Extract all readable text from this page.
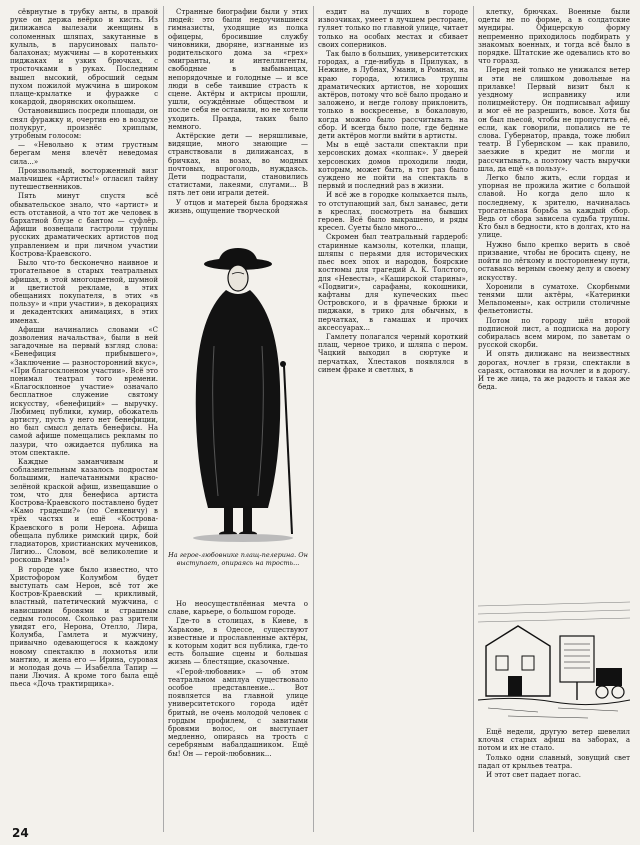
сёврнутые в трубку анты, в правой руке он держа веёрко и кисть. Из дилижанса вылезали женщины в соломенных шляпах, закутанные в кулыль, в парусиновых пальто-балахонах; мужчины — в коротеньких пиджаках и узких брючках, с тросточками в руках. Последним вышел высокий, обросший седым пухом пожилой мужчина в широком плаще-крылатке и фуражке с кокардой, дворянских околышем.

Остановившись посреди площади, он снял фуражку и, очертив ею в воздухе полукруг, произнёс хриплым, утробным голосом:

— «Невольно к этим грустным берегам меня влечёт неведомая сила...»

Произвольный, восторженный визг мальчишек «Артисты!» огласил тайну путешественников.

Пять минут спустя всё обывательское знало, что «артист» и есть отставной, а что тот же человек в бархатной блузе с бантом — суфлёр. Афиши возвещали гастроли труппы русских драматических артистов под управлением и при личном участии Кострова-Краевского.

Было что-то бесконечно наивное и трогательное в старых театральных афишах, в этой многоцветной, шумной и цветистой рекламе, в этих обещаниях покупателя, в этих «в пользу» и «при участии», в декорациях и декадентских анимациях, в этих именах.

Афиши начинались словами «С дозволения начальства», были в ней загадочные на первый взгляд слова: «Бенефиция прибывшего», «Заключение — разносторонний вкус», «При благосклонном участии». Всё это понимал театрал того времени. «Благосклонное участие» означало бесплатное служение святому искусству, «бенефиций» — выручку. Любимец публики, кумир, обожатель артисту, пусть у него нет бенефиции, но был смысл делать бенефисы. На самой афише помещались рекламы по лазури, что ожидается публика на этом спектакле.

Каждые заманчивым и соблазнительным казалось подростам большими, напечатанными красно-зелёной краской афиш, извещавшие о том, что для бенефиса артиста Кострова-Краевского поставлено будет «Камо грядеши?» (по Сенкевичу) в трёх частях и ещё «Кострова-Краевского в роли Нерона. Афиша обещала публике римский цирк, бой гладиаторов, христианских мучеников, Лигию... Словом, всё великолепие и роскошь Рима!»

В городе уже было известно, что Христофором Колумбом будет выступать сам Нерон, всё тот же Костров-Краевский — крикливый, властный, патетический мужчина, с нависшими бровями и страшным седым голосом. Сколько раз зрители увидят его, Нерона, Отелло, Лира, Колумба, Гамлета и мужчину, привычно одевающегося к каждому новому спектаклю в лохмотья или мантию, и жена его — Ирина, суровая и молодая дочь — Изабелла Тапир — пани Лючия. А кроме того была ещё пьеса «Дочь трактирщика».

Странные биографии были у этих людей: это были недоучившиеся гимназисты, уходящие из полка офицеры, бросившие службу чиновники, дворяне, изгнанные из родительского дома за «грех» эмигранты, и интеллигенты, свободные в выбыванцах, непорядочные и голодные — и все люди в себе таившие страсть к сцене. Актёры и актрисы прошли, ушли, осуждённые обществом и после себя не оставили, но не хотели уходить. Правда, таких было немного.

Актёрские дети — неряшливые, видящие, много знающие — странствовали в дилижансах, в бричках, на возах, во модных почтовых, впроголодь, нуждаясь. Дети подрастали, становились статистами, лакеями, слугами... В пять лет они играли детей.

У отцов и матерей была бродяжья жизнь, ощущение творческой

На герое-любовнике плащ-пелерина. Он выступает, опираясь на трость...

Но неосуществлённая мечта о славе, карьере, о большом городе.

Где-то в столицах, в Киеве, в Харькове, в Одессе, существуют известные и прославленные актёры, к которым ходит вся публика, где-то есть большие сцены и большая жизнь — блестящие, сказочные.

«Герой-любовник» — об этом театральном амплуа существовало особое представление... Вот появляется на главной улице университетского города идёт бритый, не очень молодой человек с гордым профилем, с завитыми бровями волос, он выступает медленно, опираясь на трость с серебряным набалдашником. Ещё бы! Он — герой-любовник...

ездит на лучших в городе извозчиках, умеет в лучшем ресторане, гуляет только по главной улице, читает только на особых местах и сбивает своих соперников.

Так было в больших, университетских городах, а где-нибудь в Прилуках, в Нежине, в Лубнах, Умани, в Ромнах, на краю города, ютились труппы драматических артистов, не хороших актёров, потому что всё было продано и заложено, и негде голову приклонить, только в воскресенье, в бокаловую, когда можно было рассчитывать на сбор. И всегда было поле, где бедные дети актёров могли выйти в артисты.

Мы в ещё застали спектакли при херсонских домах «колпак». У дверей херсонских домов проходили люди, которым, может быть, в тот раз было суждено не пойти на спектакль в первый и последний раз в жизни.

И всё же в городке колыхается пыль, то отступающий зал, был занавес, дети в креслах, посмотреть на бывших героев. Всё было выкрашено, и ряды кресел. Суеты было много...

Скромен был театральный гардероб: старинные камзолы, котелки, плащи, шляпы с перьями для исторических пьес всех эпох и народов, боярские костюмы для трагедий А. К. Толстого, для «Невесты», «Каширской старины», «Подвиги», сарафаны, кокошники, кафтаны для купеческих пьес Островского, и в фрачные брюки и пиджаки, в трико для обычных, в перчатках, в гамашах и прочих аксессуарах...

Гамлету полагался черный короткий плащ, черное трико, и шляпа с пером. Чацкий выходил в сюртуке и перчатках, Хлестаков появлялся в синем фраке и светлых, в

клетку, брючках. Военные были одеты не по форме, а в солдатские мундиры. Офицерскую форму непременно приходилось подбирать у знакомых военных, и тогда всё было в порядке. Штатские же одевались кто во что горазд.

Перед ней только не унижался ветер и эти не слишком довольные на прилавке! Первый визит был к уездному исправнику или полицмейстеру. Он подписывал афишу и мог её не разрешить, вовсе. Хотя бы он был пьесой, чтобы не пропустить её, если, как говорили, попались не те слова. Губернатор, правда, тоже любил театр. В Губернском — как правило, заезжие в кредит не могли и рассчитывать, а поэтому часть выручки шла, да ещё «в пользу».

Легко было жить, если гордая и упорная не прожила житие с большой славой. Но когда дело шло к последнему, к зрителю, начиналась трогательная борьба за каждый сбор. Ведь от сбора зависела судьба труппы. Кто был в бедности, кто в долгах, кто на улице.

Нужно было крепко верить в своё призвание, чтобы не бросить сцену, не пойти по лёгкому и постороннему пути, оставаясь верным своему делу и своему искусству.

Хоронили в суматохе. Скорбными тенями шли актёры, «Катеринки Мельпомены», как острили столичные фельетонисты.

Потом по городу шёл второй подписной лист, а подписка на дорогу собиралась всем миром, по заветам о русской скорби.

И опять дилижанс на неизвестных дорогах, ночлег в грязи, спектакли в сараях, остановки на ночлег и в дорогу. И те же лица, та же радость и такая же беда.

Ещё недели, другую ветер шевелил клочья старых афиш на заборах, а потом и их не стало.

Только одни славный, зовущий свет падал от крыльев театра.

И этот свет падает погас.

24
